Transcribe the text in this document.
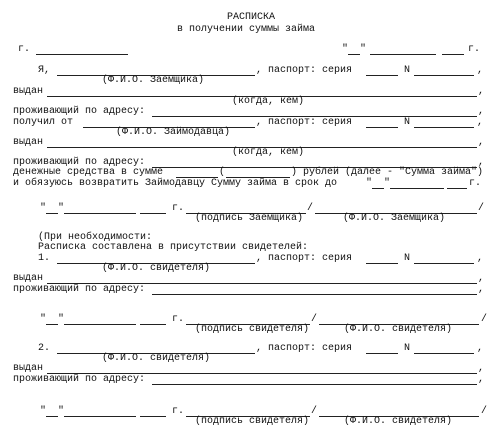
РАСПИСКА
в получении суммы займа
г.	" "	г.
Я,	, паспорт: серия	N	,
(Ф.И.О. Заемщика)
выдан	,
(когда, кем)
проживающий по адресу:	,
получил от	, паспорт: серия	N	,
(Ф.И.О. Займодавца)
выдан	,
(когда, кем)
проживающий по адресу:	,
денежные средства в сумме	(	) рублей (далее - "Сумма займа")
и обязуюсь возвратить Займодавцу Сумму займа в срок до	" "	г.
" "	г.	/	/
(подпись Заемщика)	(Ф.И.О. Заемщика)
(При необходимости:
Расписка составлена в присутствии свидетелей:
1.	, паспорт: серия	N	,
(Ф.И.О. свидетеля)
выдан	,
проживающий по адресу:	,
" "	г.	/	/
(подпись свидетеля)	(Ф.И.О. свидетеля)
2.	, паспорт: серия	N	,
(Ф.И.О. свидетеля)
выдан	,
проживающий по адресу:	,
" "	г.	/	/
(подпись свидетеля)	(Ф.И.О. свидетеля)
